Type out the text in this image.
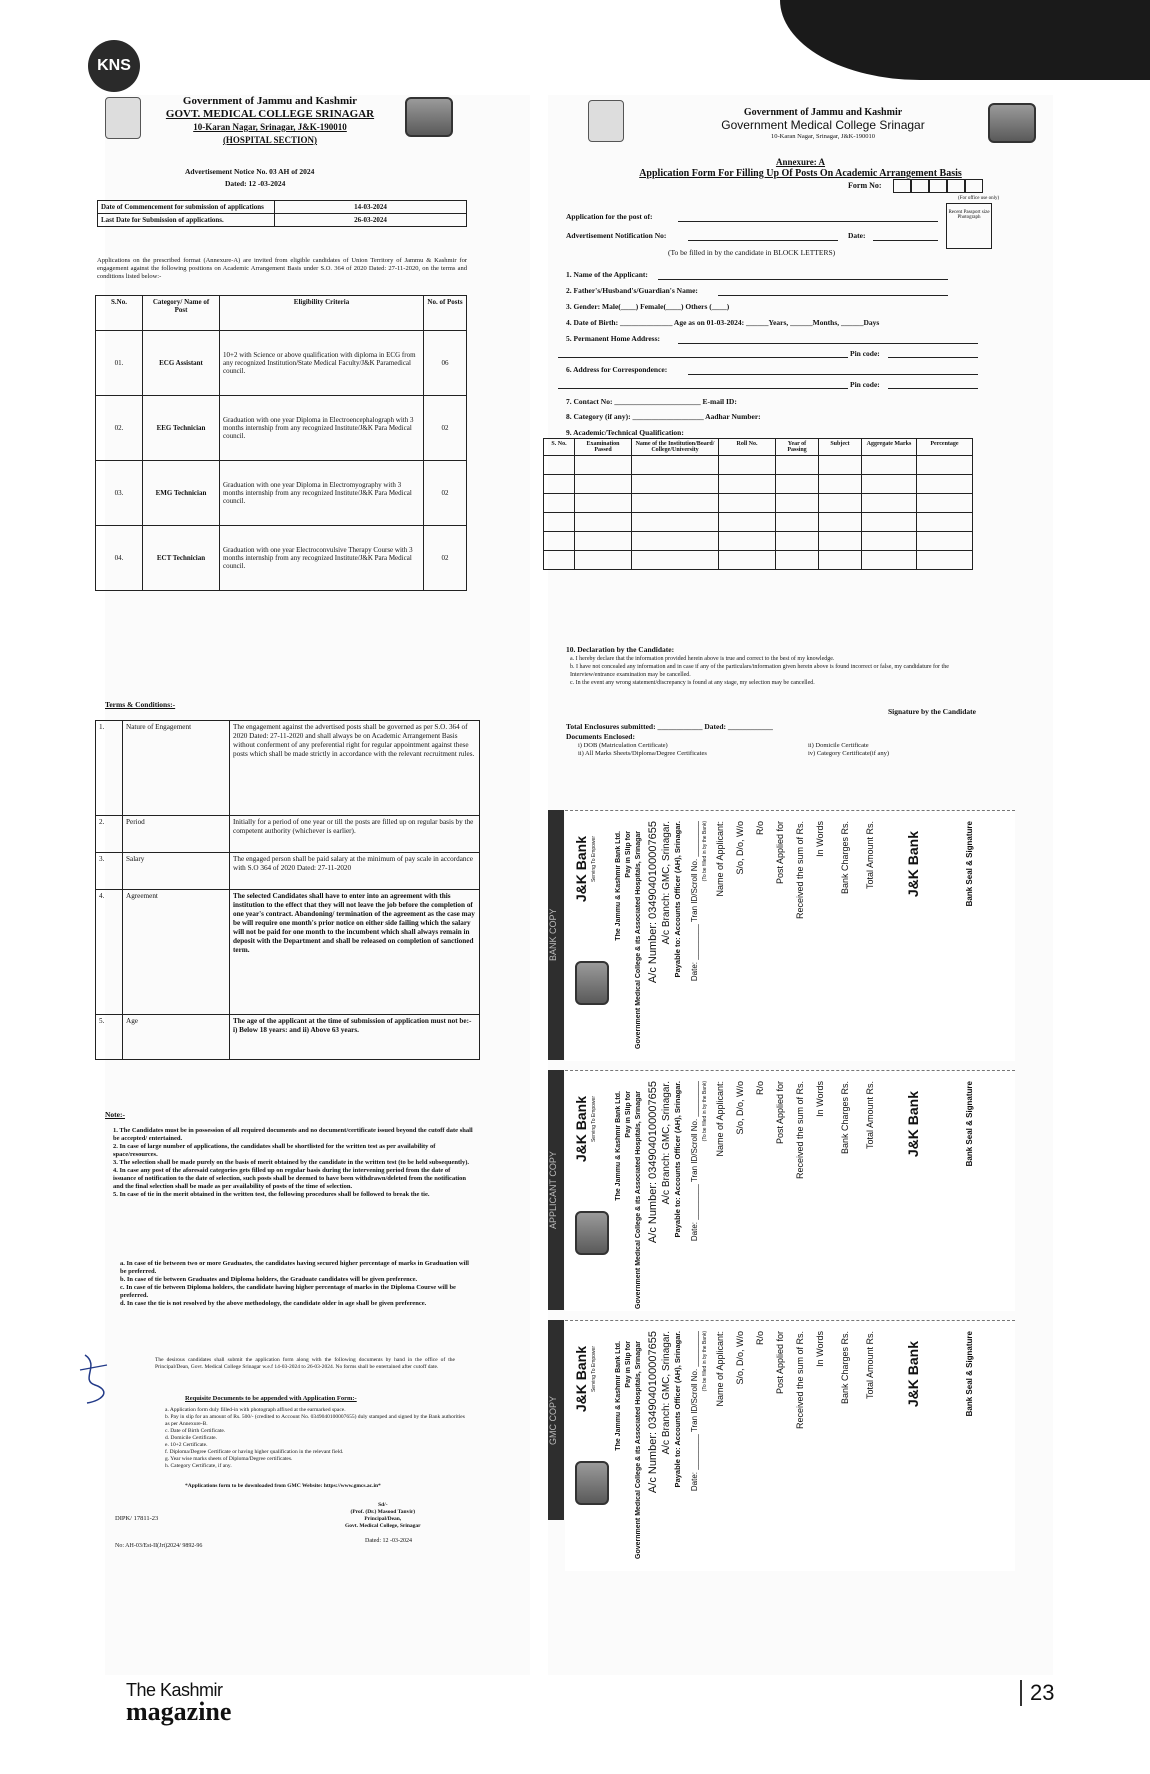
KNS
Government of Jammu and Kashmir
GOVT. MEDICAL COLLEGE SRINAGAR
10-Karan Nagar, Srinagar, J&K-190010
(HOSPITAL SECTION)
Advertisement Notice No. 03 AH of 2024
Dated: 12 -03-2024
Date of Commencement for submission of applications	14-03-2024
Last Date for Submission of applications.	26-03-2024
Applications on the prescribed format (Annexure-A) are invited from eligible candidates of Union Territory of Jammu & Kashmir for engagement against the following positions on Academic Arrangement Basis under S.O. 364 of 2020 Dated: 27-11-2020, on the terms and conditions listed below:-
S.No.	Category/ Name of Post	Eligibility Criteria	No. of Posts
01.	ECG Assistant	10+2 with Science or above qualification with diploma in ECG from any recognized Institution/State Medical Faculty/J&K Paramedical council.	06
02.	EEG Technician	Graduation with one year Diploma in Electroencephalograph with 3 months internship from any recognized Institute/J&K Para Medical council.	02
03.	EMG Technician	Graduation with one year Diploma in Electromyography with 3 months internship from any recognized Institute/J&K Para Medical council.	02
04.	ECT Technician	Graduation with one year Electroconvulsive Therapy Course with 3 months internship from any recognized Institute/J&K Para Medical council.	02
Terms & Conditions:-
1.	Nature of Engagement	The engagement against the advertised posts shall be governed as per S.O. 364 of 2020 Dated: 27-11-2020 and shall always be on Academic Arrangement Basis without conferment of any preferential right for regular appointment against these posts which shall be made strictly in accordance with the relevant recruitment rules.
2.	Period	Initially for a period of one year or till the posts are filled up on regular basis by the competent authority (whichever is earlier).
3.	Salary	The engaged person shall be paid salary at the minimum of pay scale in accordance with S.O 364 of 2020 Dated: 27-11-2020
4.	Agreement	The selected Candidates shall have to enter into an agreement with this institution to the effect that they will not leave the job before the completion of one year's contract. Abandoning/ termination of the agreement as the case may be will require one month's prior notice on either side failing which the salary will not be paid for one month to the incumbent which shall always remain in deposit with the Department and shall be released on completion of sanctioned term.
5.	Age	The age of the applicant at the time of submission of application must not be:- i) Below 18 years: and ii) Above 63 years.
Note:-
1. The Candidates must be in possession of all required documents and no document/certificate issued beyond the cutoff date shall be accepted/ entertained.
2. In case of large number of applications, the candidates shall be shortlisted for the written test as per availability of space/resources.
3. The selection shall be made purely on the basis of merit obtained by the candidate in the written test (to be held subsequently).
4. In case any post of the aforesaid categories gets filled up on regular basis during the intervening period from the date of issuance of notification to the date of selection, such posts shall be deemed to have been withdrawn/deleted from the notification and the final selection shall be made as per availability of posts of the time of selection.
5. In case of tie in the merit obtained in the written test, the following procedures shall be followed to break the tie.
a. In case of tie between two or more Graduates, the candidates having secured higher percentage of marks in Graduation will be preferred.
b. In case of tie between Graduates and Diploma holders, the Graduate candidates will be given preference.
c. In case of tie between Diploma holders, the candidate having higher percentage of marks in the Diploma Course will be preferred.
d. In case the tie is not resolved by the above methodology, the candidate older in age shall be given preference.
The desirous candidates shall submit the application form along with the following documents by hand in the office of the Principal/Dean, Govt. Medical College Srinagar w.e.f 14-03-2024 to 26-03-2024. No forms shall be entertained after cutoff date.
Requisite Documents to be appended with Application Form:-
a. Application form duly filled-in with photograph affixed at the earmarked space.
b. Pay in slip for an amount of Rs. 500/- (credited to Account No. 0349040100007655) duly stamped and signed by the Bank authorities as per Annexure-B.
c. Date of Birth Certificate.
d. Domicile Certificate.
e. 10+2 Certificate.
f. Diploma/Degree Certificate or having higher qualification in the relevant field.
g. Year wise marks sheets of Diploma/Degree certificates.
h. Category Certificate, if any.
*Applications form to be downloaded from GMC Website: https://www.gmcs.ac.in*
DIPK/ 17811-23
Sd/-
(Prof. (Dr.) Masood Tanvir)
Principal/Dean,
Govt. Medical College, Srinagar
No: AH-03/Est-II(Jrt)2024/ 9892-96
Dated: 12 -03-2024
Government of Jammu and Kashmir
Government Medical College Srinagar
10-Karan Nagar, Srinagar, J&K-190010
Annexure: A
Application Form For Filling Up Of Posts On Academic Arrangement Basis
Form No:
(For office use only)
Recent Passport size Photograph
Application for the post of:
Advertisement Notification No:	Date:
(To be filled in by the candidate in BLOCK LETTERS)
1. Name of the Applicant:
2. Father's/Husband's/Guardian's Name:
3. Gender: Male(____) Female(____) Others (____)
4. Date of Birth: ______________ Age as on 01-03-2024: ______Years, ______Months, ______Days
5. Permanent Home Address:
Pin code:
6. Address for Correspondence:
Pin code:
7. Contact No: _______________________ E-mail ID:
8. Category (if any): ___________________ Aadhar Number:
9. Academic/Technical Qualification:
S. No.	Examination Passed	Name of the Institution/Board/ College/University	Roll No.	Year of Passing	Subject	Aggregate Marks	Percentage

10. Declaration by the Candidate:
a. I hereby declare that the information provided herein above is true and correct to the best of my knowledge.
b. I have not concealed any information and in case if any of the particulars/information given herein above is found incorrect or false, my candidature for the Interview/entrance examination may be cancelled.
c. In the event any wrong statement/discrepancy is found at any stage, my selection may be cancelled.
Signature by the Candidate
Total Enclosures submitted: ____________ Dated: ____________
Documents Enclosed:
i) DOB (Matriculation Certificate)	ii) Domicile Certificate
ii) All Marks Sheets/Diploma/Degree Certificates	iv) Category Certificate(if any)
BANK COPY
APPLICANT COPY
GMC COPY
J&K Bank Serving To Empower	The Jammu & Kashmir Bank Ltd. Pay in Slip for Government Medical College & its Associated Hospitals, Srinagar A/c Number: 0349040100007655 A/c Branch: GMC, Srinagar. Payable to: Accounts Officer (AH), Srinagar. Date: ________ Tran ID/Scroll No. ________ (To be filled in by the Bank) Name of Applicant: S/o, D/o, W/o R/o Post Applied for Received the sum of Rs. In Words Bank Charges Rs. Total Amount Rs. J&K Bank	Bank Seal & Signature
J&K Bank Serving To Empower	The Jammu & Kashmir Bank Ltd. Pay in Slip for Government Medical College & its Associated Hospitals, Srinagar A/c Number: 0349040100007655 A/c Branch: GMC, Srinagar. Payable to: Accounts Officer (AH), Srinagar. Date: ________ Tran ID/Scroll No. ________ (To be filled in by the Bank) Name of Applicant: S/o, D/o, W/o R/o Post Applied for Received the sum of Rs. In Words Bank Charges Rs. Total Amount Rs. J&K Bank	Bank Seal & Signature
J&K Bank Serving To Empower	The Jammu & Kashmir Bank Ltd. Pay in Slip for Government Medical College & its Associated Hospitals, Srinagar A/c Number: 0349040100007655 A/c Branch: GMC, Srinagar. Payable to: Accounts Officer (AH), Srinagar. Date: ________ Tran ID/Scroll No. ________ (To be filled in by the Bank) Name of Applicant: S/o, D/o, W/o R/o Post Applied for Received the sum of Rs. In Words Bank Charges Rs. Total Amount Rs. J&K Bank	Bank Seal & Signature
The Kashmir
magazine
23
